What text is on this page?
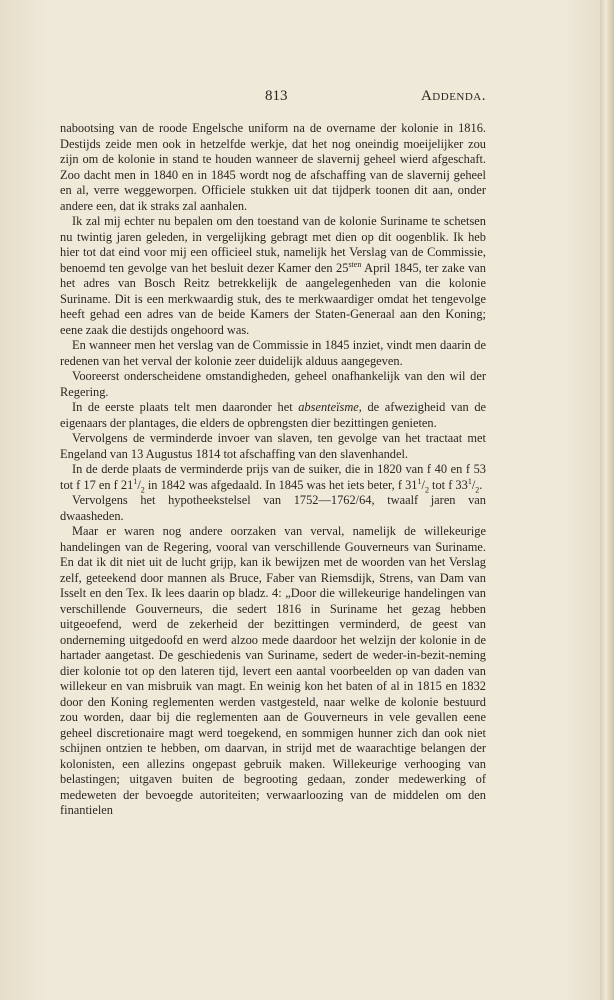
813	Addenda.

nabootsing van de roode Engelsche uniform na de overname der kolonie in 1816. Destijds zeide men ook in hetzelfde werkje, dat het nog oneindig moeijelijker zou zijn om de kolonie in stand te houden wanneer de slavernij geheel wierd afgeschaft. Zoo dacht men in 1840 en in 1845 wordt nog de afschaffing van de slavernij geheel en al, verre weggeworpen. Officiele stukken uit dat tijdperk toonen dit aan, onder andere een, dat ik straks zal aanhalen.

Ik zal mij echter nu bepalen om den toestand van de kolonie Suriname te schetsen nu twintig jaren geleden, in vergelijking gebragt met dien op dit oogenblik. Ik heb hier tot dat eind voor mij een officieel stuk, namelijk het Verslag van de Commissie, benoemd ten gevolge van het besluit dezer Kamer den $25^{sten}$ April 1845, ter zake van het adres van Bosch Reitz betrekkelijk de aangelegenheden van die kolonie Suriname. Dit is een merkwaardig stuk, des te merkwaardiger omdat het tengevolge heeft gehad een adres van de beide Kamers der Staten-Generaal aan den Koning; eene zaak die destijds ongehoord was.

En wanneer men het verslag van de Commissie in 1845 inziet, vindt men daarin de redenen van het verval der kolonie zeer duidelijk alduus aangegeven.

Vooreerst onderscheidene omstandigheden, geheel onafhankelijk van den wil der Regering.

In de eerste plaats telt men daaronder het absenteïsme, de afwezigheid van de eigenaars der plantages, die elders de opbrengsten dier bezittingen genieten.

Vervolgens de verminderde invoer van slaven, ten gevolge van het tractaat met Engeland van 13 Augustus 1814 tot afschaffing van den slavenhandel.

In de derde plaats de verminderde prijs van de suiker, die in 1820 van f 40 en f 53 tot f 17 en f $21^1/_2$ in 1842 was afgedaald. In 1845 was het iets beter, f $31^1/_2$ tot f $33^1/_2$.

Vervolgens het hypotheekstelsel van 1752—1762/64, twaalf jaren van dwaasheden.

Maar er waren nog andere oorzaken van verval, namelijk de willekeurige handelingen van de Regering, vooral van verschillende Gouverneurs van Suriname. En dat ik dit niet uit de lucht grijp, kan ik bewijzen met de woorden van het Verslag zelf, geteekend door mannen als Bruce, Faber van Riemsdijk, Strens, van Dam van Isselt en den Tex. Ik lees daarin op bladz. 4: „Door die willekeurige handelingen van verschillende Gouverneurs, die sedert 1816 in Suriname het gezag hebben uitgeoefend, werd de zekerheid der bezittingen verminderd, de geest van onderneming uitgedoofd en werd alzoo mede daardoor het welzijn der kolonie in de hartader aangetast. De geschiedenis van Suriname, sedert de weder-in-bezit-neming dier kolonie tot op den lateren tijd, levert een aantal voorbeelden op van daden van willekeur en van misbruik van magt. En weinig kon het baten of al in 1815 en 1832 door den Koning reglementen werden vastgesteld, naar welke de kolonie bestuurd zou worden, daar bij die reglementen aan de Gouverneurs in vele gevallen eene geheel discretionaire magt werd toegekend, en sommigen hunner zich dan ook niet schijnen ontzien te hebben, om daarvan, in strijd met de waarachtige belangen der kolonisten, een allezins ongepast gebruik maken. Willekeurige verhooging van belastingen; uitgaven buiten de begrooting gedaan, zonder medewerking of medeweten der bevoegde autoriteiten; verwaarloozing van de middelen om den finantielen
